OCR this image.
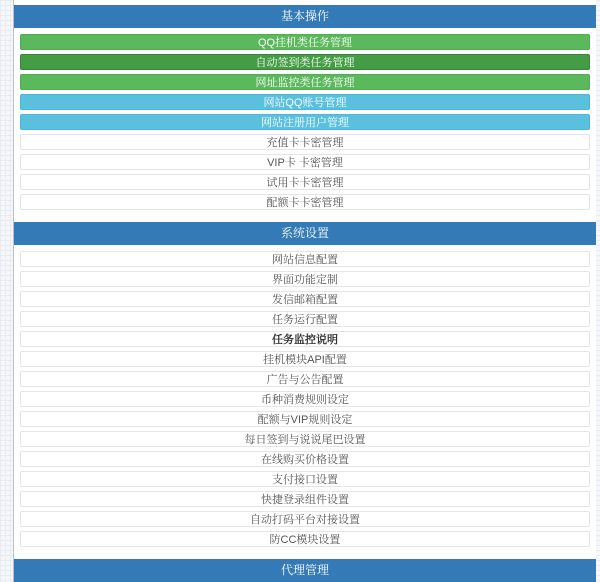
基本操作
QQ挂机类任务管理
自动签到类任务管理
网址监控类任务管理
网站QQ账号管理
网站注册用户管理
充值卡卡密管理
VIP卡 卡密管理
试用卡卡密管理
配额卡卡密管理
系统设置
网站信息配置
界面功能定制
发信邮箱配置
任务运行配置
任务监控说明
挂机模块API配置
广告与公告配置
币种消费规则设定
配额与VIP规则设定
每日签到与说说尾巴设置
在线购买价格设置
支付接口设置
快捷登录组件设置
自动打码平台对接设置
防CC模块设置
代理管理
